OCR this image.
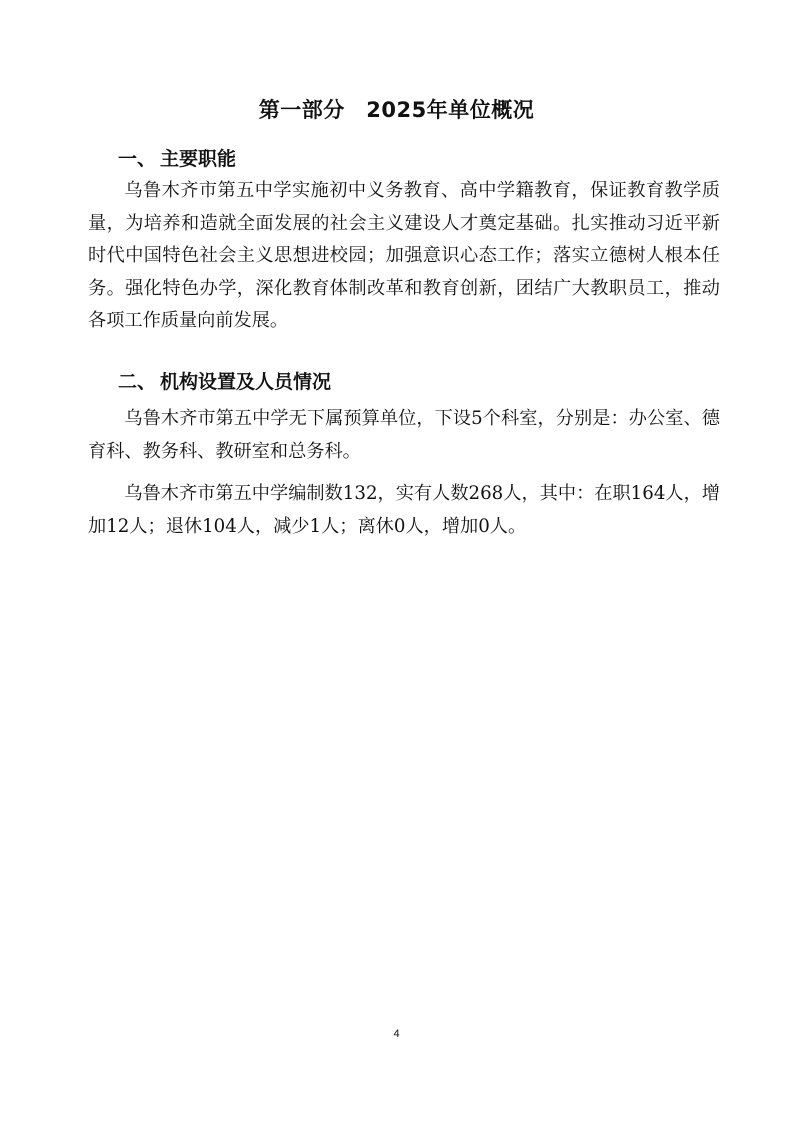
第一部分　2025年单位概况
一、 主要职能

乌鲁木齐市第五中学实施初中义务教育、高中学籍教育，保证教育教学质量，为培养和造就全面发展的社会主义建设人才奠定基础。扎实推动习近平新时代中国特色社会主义思想进校园；加强意识心态工作；落实立德树人根本任务。强化特色办学，深化教育体制改革和教育创新，团结广大教职员工，推动各项工作质量向前发展。

二、 机构设置及人员情况

乌鲁木齐市第五中学无下属预算单位，下设5个科室，分别是：办公室、德育科、教务科、教研室和总务科。

乌鲁木齐市第五中学编制数132，实有人数268人，其中：在职164人，增加12人；退休104人，减少1人；离休0人，增加0人。

4
